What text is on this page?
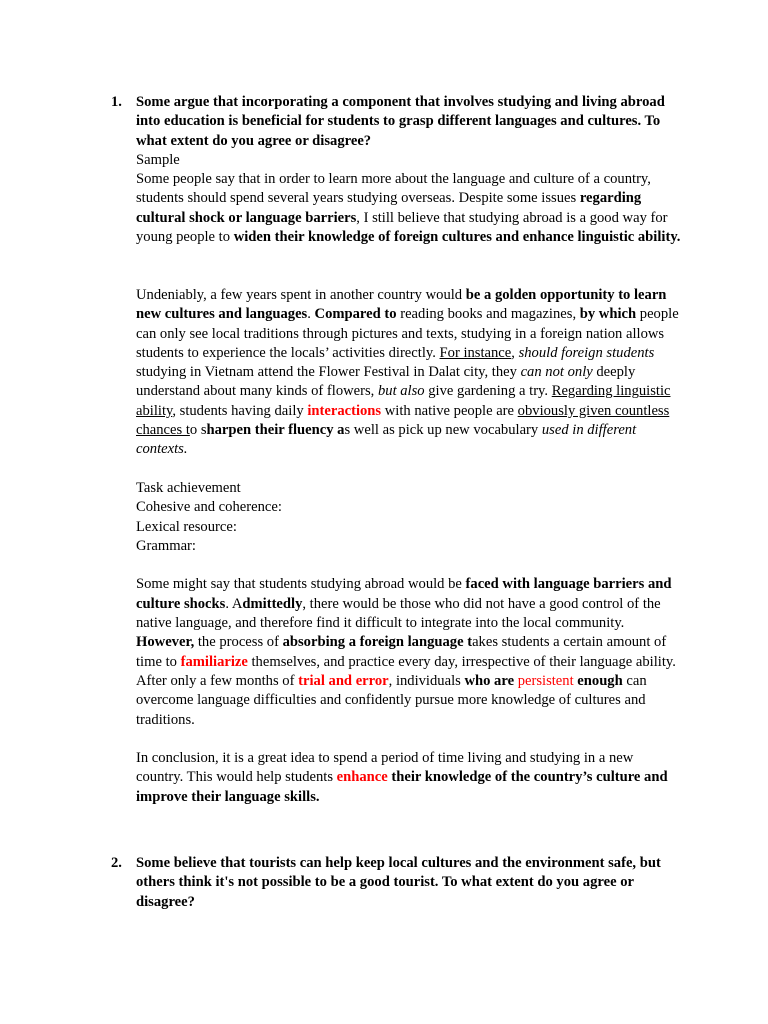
1. Some argue that incorporating a component that involves studying and living abroad into education is beneficial for students to grasp different languages and cultures. To what extent do you agree or disagree?

Sample

Some people say that in order to learn more about the language and culture of a country, students should spend several years studying overseas. Despite some issues regarding cultural shock or language barriers, I still believe that studying abroad is a good way for young people to widen their knowledge of foreign cultures and enhance linguistic ability.

Undeniably, a few years spent in another country would be a golden opportunity to learn new cultures and languages. Compared to reading books and magazines, by which people can only see local traditions through pictures and texts, studying in a foreign nation allows students to experience the locals’ activities directly. For instance, should foreign students studying in Vietnam attend the Flower Festival in Dalat city, they can not only deeply understand about many kinds of flowers, but also give gardening a try. Regarding linguistic ability, students having daily interactions with native people are obviously given countless chances to sharpen their fluency as well as pick up new vocabulary used in different contexts.

Task achievement

Cohesive and coherence:

Lexical resource:

Grammar:

Some might say that students studying abroad would be faced with language barriers and culture shocks. Admittedly, there would be those who did not have a good control of the native language, and therefore find it difficult to integrate into the local community. However, the process of absorbing a foreign language takes students a certain amount of time to familiarize themselves, and practice every day, irrespective of their language ability. After only a few months of trial and error, individuals who are persistent enough can overcome language difficulties and confidently pursue more knowledge of cultures and traditions.

In conclusion, it is a great idea to spend a period of time living and studying in a new country. This would help students enhance their knowledge of the country’s culture and improve their language skills.

2. Some believe that tourists can help keep local cultures and the environment safe, but others think it's not possible to be a good tourist. To what extent do you agree or disagree?
